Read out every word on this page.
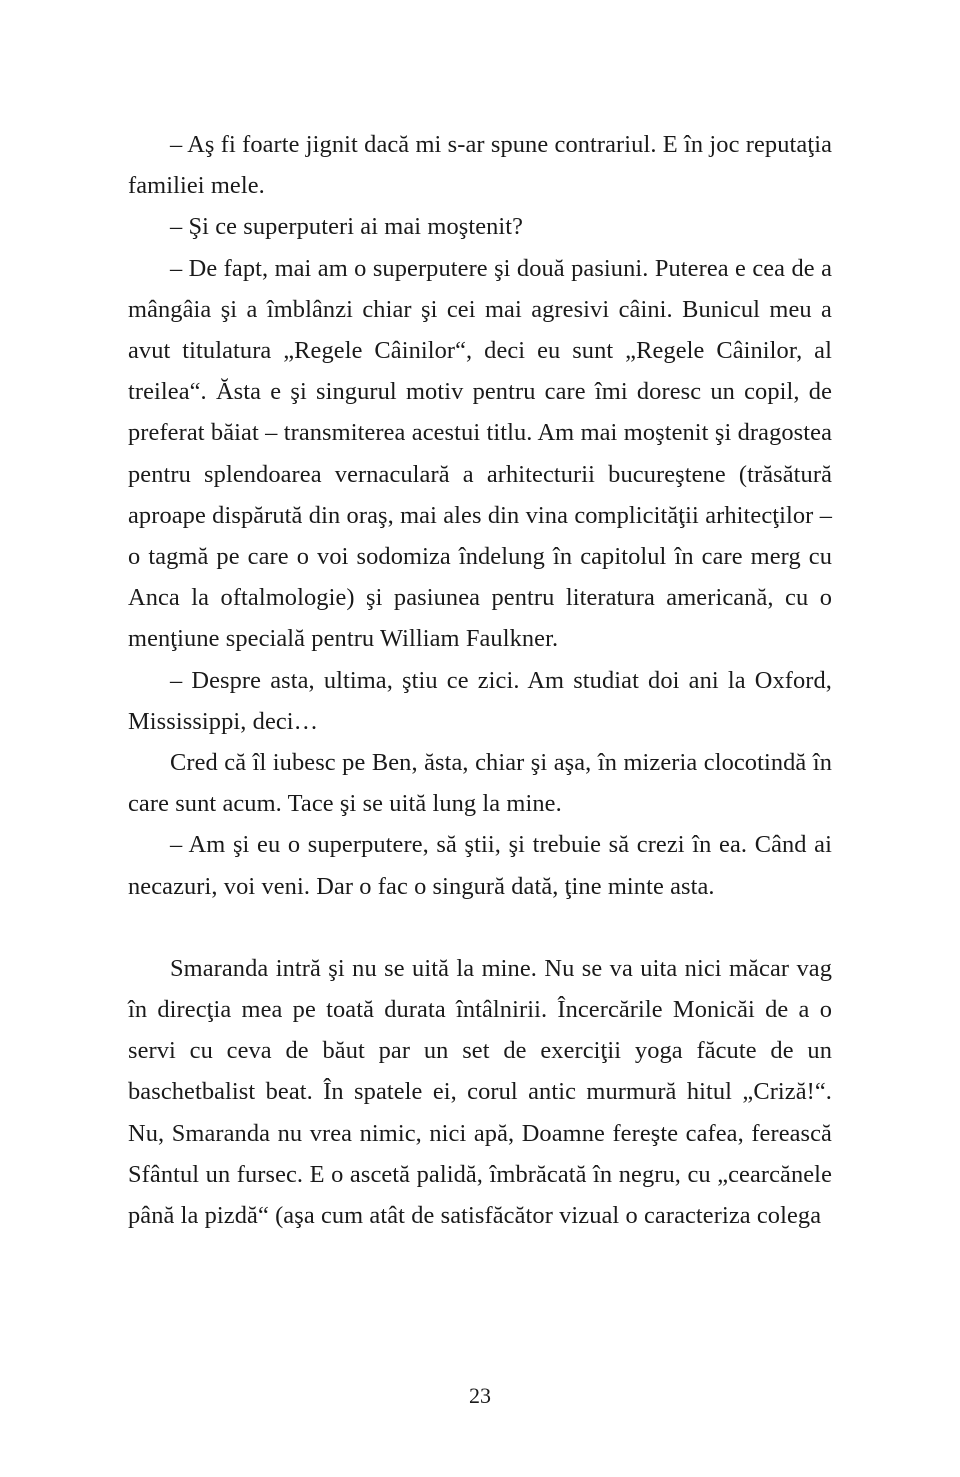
– Aş fi foarte jignit dacă mi s-ar spune contrariul. E în joc reputaţia familiei mele.

– Şi ce superputeri ai mai moştenit?

– De fapt, mai am o superputere şi două pasiuni. Puterea e cea de a mângâia şi a îmblânzi chiar şi cei mai agresivi câini. Bunicul meu a avut titulatura „Regele Câinilor“, deci eu sunt „Regele Câinilor, al treilea“. Ăsta e şi singurul motiv pentru care îmi doresc un copil, de preferat băiat – transmiterea acestui titlu. Am mai moştenit şi dragostea pentru splendoarea vernaculară a arhitecturii bucureştene (trăsătură aproape dispărută din oraş, mai ales din vina complicităţii arhitecţilor – o tagmă pe care o voi sodomiza îndelung în capitolul în care merg cu Anca la oftalmologie) şi pasiunea pentru literatura americană, cu o menţiune specială pentru William Faulkner.

– Despre asta, ultima, ştiu ce zici. Am studiat doi ani la Oxford, Mississippi, deci…

Cred că îl iubesc pe Ben, ăsta, chiar şi aşa, în mizeria clocotindă în care sunt acum. Tace şi se uită lung la mine.

– Am şi eu o superputere, să ştii, şi trebuie să crezi în ea. Când ai necazuri, voi veni. Dar o fac o singură dată, ţine minte asta.

Smaranda intră şi nu se uită la mine. Nu se va uita nici măcar vag în direcţia mea pe toată durata întâlnirii. Încercările Monicăi de a o servi cu ceva de băut par un set de exerciţii yoga făcute de un baschetbalist beat. În spatele ei, corul antic murmură hitul „Criză!“. Nu, Smaranda nu vrea nimic, nici apă, Doamne fereşte cafea, ferească Sfântul un fursec. E o ascetă palidă, îmbrăcată în negru, cu „cearcănele până la pizdă“ (aşa cum atât de satisfăcător vizual o caracteriza colega

23
